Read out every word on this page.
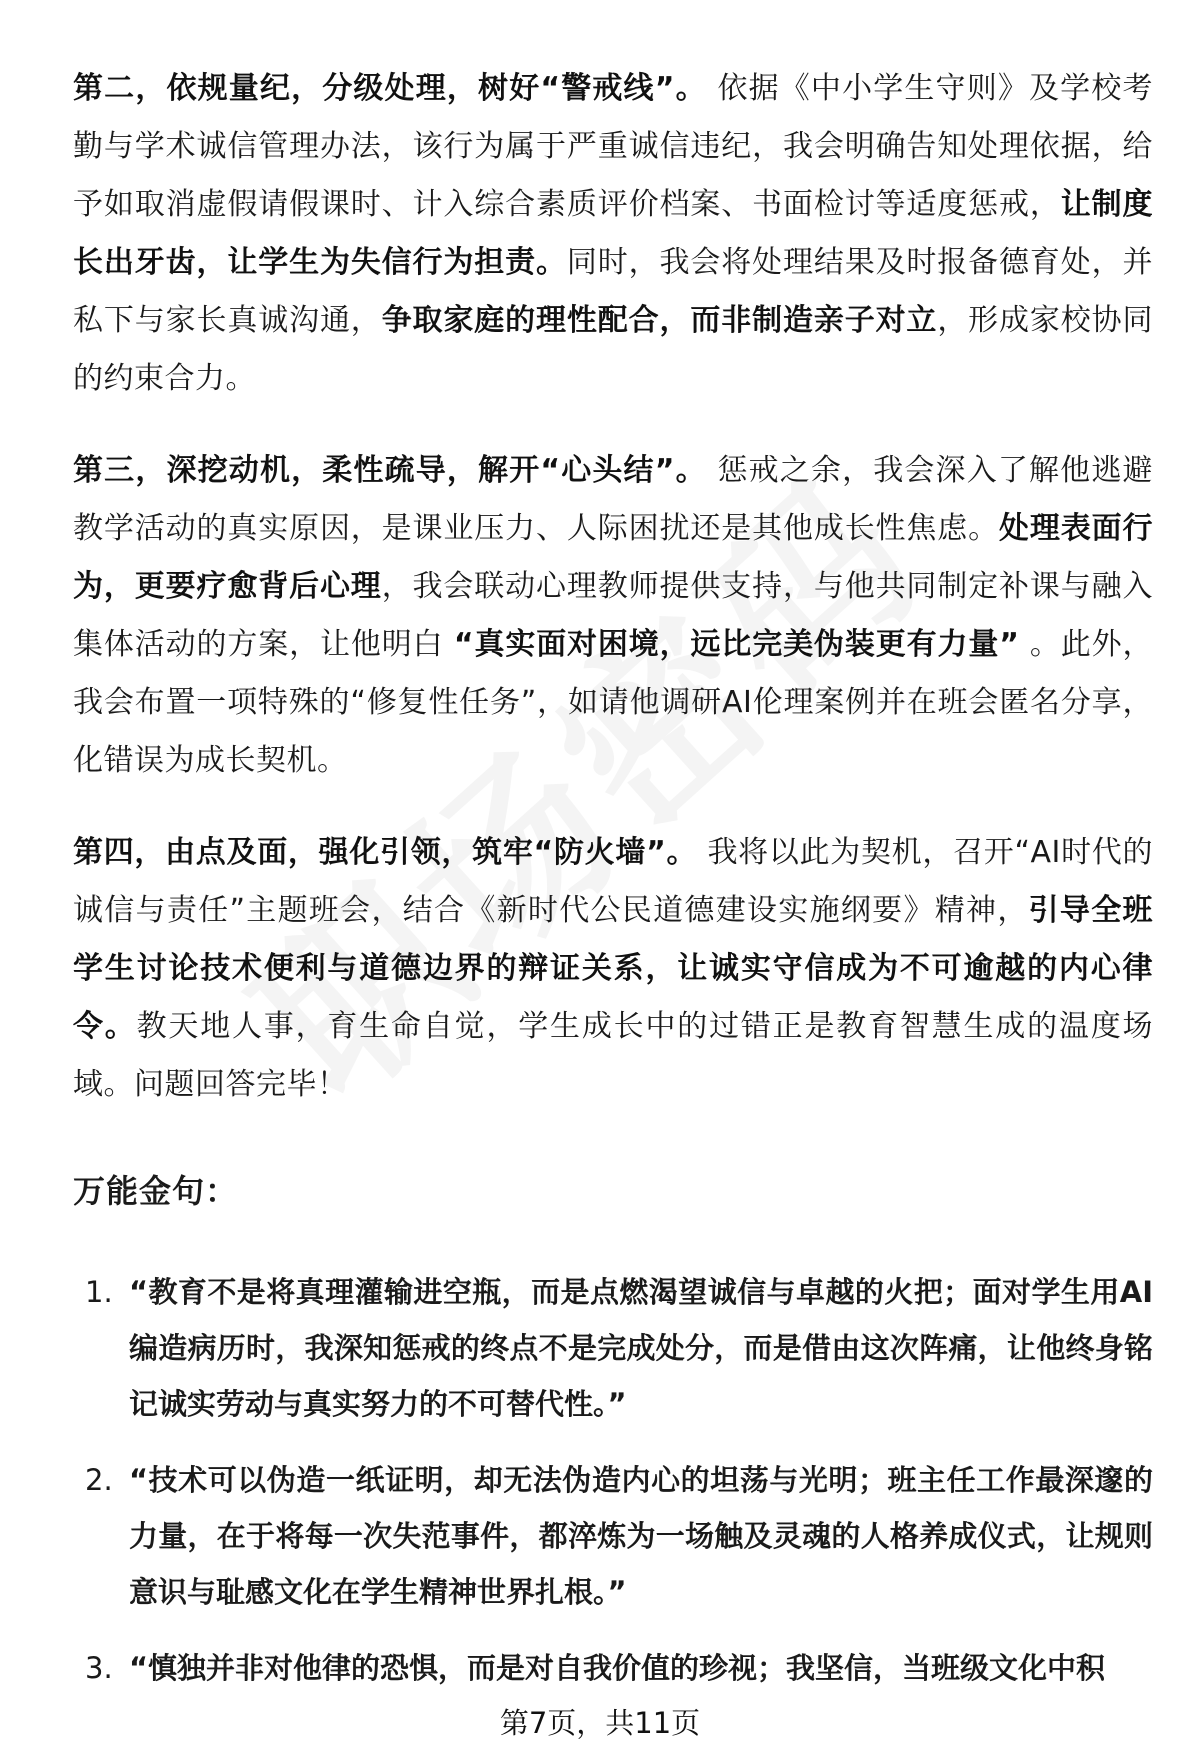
第二，依规量纪，分级处理，树好“警戒线”。 依据《中小学生守则》及学校考勤与学术诚信管理办法，该行为属于严重诚信违纪，我会明确告知处理依据，给予如取消虚假请假课时、计入综合素质评价档案、书面检讨等适度惩戒，让制度长出牙齿，让学生为失信行为担责。同时，我会将处理结果及时报备德育处，并私下与家长真诚沟通，争取家庭的理性配合，而非制造亲子对立，形成家校协同的约束合力。

第三，深挖动机，柔性疏导，解开“心头结”。 惩戒之余，我会深入了解他逃避教学活动的真实原因，是课业压力、人际困扰还是其他成长性焦虑。处理表面行为，更要疗愈背后心理，我会联动心理教师提供支持，与他共同制定补课与融入集体活动的方案，让他明白 “真实面对困境，远比完美伪装更有力量” 。此外，我会布置一项特殊的“修复性任务”，如请他调研AI伦理案例并在班会匿名分享，化错误为成长契机。

第四，由点及面，强化引领，筑牢“防火墙”。 我将以此为契机，召开“AI时代的诚信与责任”主题班会，结合《新时代公民道德建设实施纲要》精神，引导全班学生讨论技术便利与道德边界的辩证关系，让诚实守信成为不可逾越的内心律令。教天地人事，育生命自觉，学生成长中的过错正是教育智慧生成的温度场域。问题回答完毕！

万能金句：
1. “教育不是将真理灌输进空瓶，而是点燃渴望诚信与卓越的火把；面对学生用AI编造病历时，我深知惩戒的终点不是完成处分，而是借由这次阵痛，让他终身铭记诚实劳动与真实努力的不可替代性。”
2. “技术可以伪造一纸证明，却无法伪造内心的坦荡与光明；班主任工作最深邃的力量，在于将每一次失范事件，都淬炼为一场触及灵魂的人格养成仪式，让规则意识与耻感文化在学生精神世界扎根。”
3. “慎独并非对他律的恐惧，而是对自我价值的珍视；我坚信，当班级文化中积
第7页，共11页
